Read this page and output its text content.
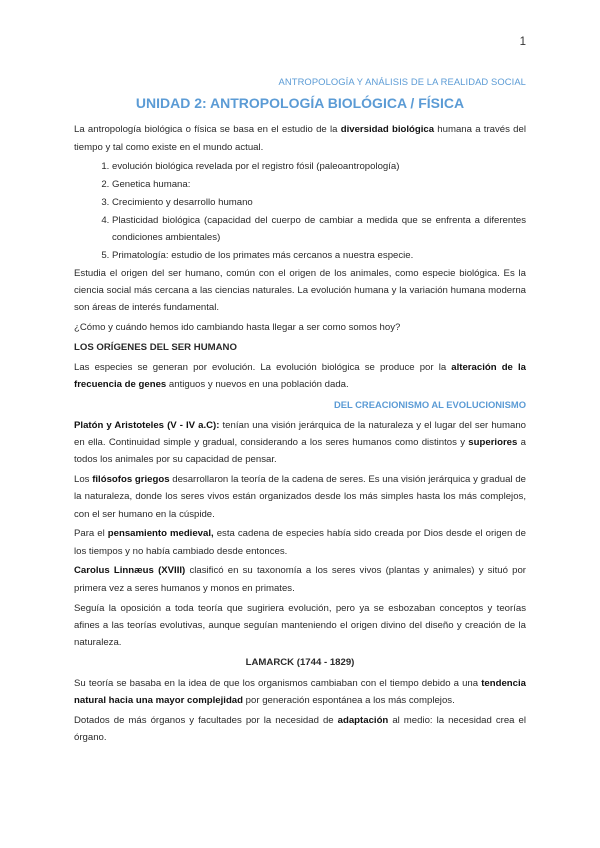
1

ANTROPOLOGÍA Y ANÁLISIS DE LA REALIDAD SOCIAL

UNIDAD 2: ANTROPOLOGÍA BIOLÓGICA / FÍSICA

La antropología biológica o física se basa en el estudio de la diversidad biológica humana a través del tiempo y tal como existe en el mundo actual.

1. evolución biológica revelada por el registro fósil (paleoantropología)
2. Genetica humana:
3. Crecimiento y desarrollo humano
4. Plasticidad biológica (capacidad del cuerpo de cambiar a medida que se enfrenta a diferentes condiciones ambientales)
5. Primatología: estudio de los primates más cercanos a nuestra especie.

Estudia el origen del ser humano, común con el origen de los animales, como especie biológica. Es la ciencia social más cercana a las ciencias naturales. La evolución humana y la variación humana moderna son áreas de interés fundamental.

¿Cómo y cuándo hemos ido cambiando hasta llegar a ser como somos hoy?

LOS ORÍGENES DEL SER HUMANO

Las especies se generan por evolución. La evolución biológica se produce por la alteración de la frecuencia de genes antiguos y nuevos en una población dada.

DEL CREACIONISMO AL EVOLUCIONISMO

Platón y Aristoteles (V - IV a.C): tenían una visión jerárquica de la naturaleza y el lugar del ser humano en ella. Continuidad simple y gradual, considerando a los seres humanos como distintos y superiores a todos los animales por su capacidad de pensar.

Los filósofos griegos desarrollaron la teoría de la cadena de seres. Es una visión jerárquica y gradual de la naturaleza, donde los seres vivos están organizados desde los más simples hasta los más complejos, con el ser humano en la cúspide.

Para el pensamiento medieval, esta cadena de especies había sido creada por Dios desde el origen de los tiempos y no había cambiado desde entonces.

Carolus Linnæus (XVIII) clasificó en su taxonomía a los seres vivos (plantas y animales) y situó por primera vez a seres humanos y monos en primates.

Seguía la oposición a toda teoría que sugiriera evolución, pero ya se esbozaban conceptos y teorías afines a las teorías evolutivas, aunque seguían manteniendo el origen divino del diseño y creación de la naturaleza.

LAMARCK (1744 - 1829)

Su teoría se basaba en la idea de que los organismos cambiaban con el tiempo debido a una tendencia natural hacia una mayor complejidad por generación espontánea a los más complejos.

Dotados de más órganos y facultades por la necesidad de adaptación al medio: la necesidad crea el órgano.
